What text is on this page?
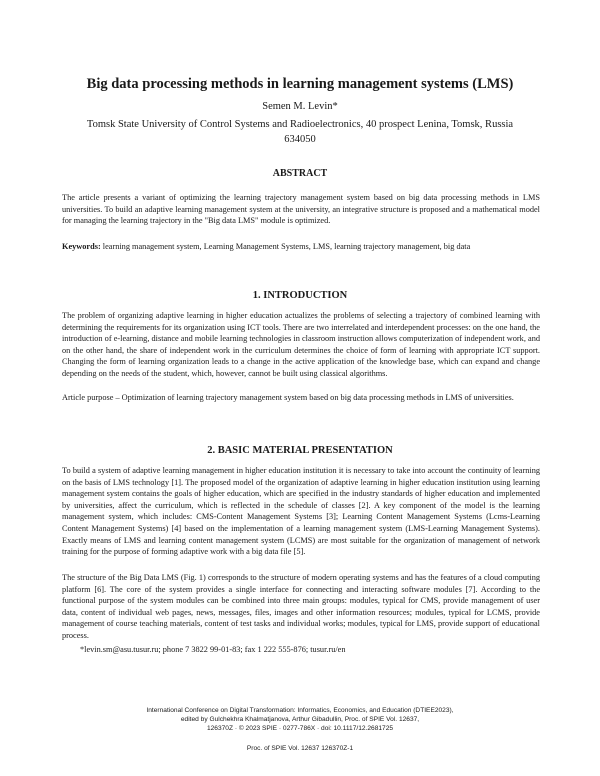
Big data processing methods in learning management systems (LMS)
Semen M. Levin*
Tomsk State University of Control Systems and Radioelectronics, 40 prospect Lenina, Tomsk, Russia 634050
ABSTRACT

The article presents a variant of optimizing the learning trajectory management system based on big data processing methods in LMS universities. To build an adaptive learning management system at the university, an integrative structure is proposed and a mathematical model for managing the learning trajectory in the "Big data LMS" module is optimized.

Keywords: learning management system, Learning Management Systems, LMS, learning trajectory management, big data

1. INTRODUCTION

The problem of organizing adaptive learning in higher education actualizes the problems of selecting a trajectory of combined learning with determining the requirements for its organization using ICT tools. There are two interrelated and interdependent processes: on the one hand, the introduction of e-learning, distance and mobile learning technologies in classroom instruction allows computerization of independent work, and on the other hand, the share of independent work in the curriculum determines the choice of form of learning with appropriate ICT support. Changing the form of learning organization leads to a change in the active application of the knowledge base, which can expand and change depending on the needs of the student, which, however, cannot be built using classical algorithms.

Article purpose – Optimization of learning trajectory management system based on big data processing methods in LMS of universities.

2. BASIC MATERIAL PRESENTATION

To build a system of adaptive learning management in higher education institution it is necessary to take into account the continuity of learning on the basis of LMS technology [1]. The proposed model of the organization of adaptive learning in higher education institution using learning management system contains the goals of higher education, which are specified in the industry standards of higher education and implemented by universities, affect the curriculum, which is reflected in the schedule of classes [2]. A key component of the model is the learning management system, which includes: CMS-Content Management Systems [3]; Learning Content Management Systems (Lcms-Learning Content Management Systems) [4] based on the implementation of a learning management system (LMS-Learning Management Systems). Exactly means of LMS and learning content management system (LCMS) are most suitable for the organization of management of network training for the purpose of forming adaptive work with a big data file [5].

The structure of the Big Data LMS (Fig. 1) corresponds to the structure of modern operating systems and has the features of a cloud computing platform [6]. The core of the system provides a single interface for connecting and interacting software modules [7]. According to the functional purpose of the system modules can be combined into three main groups: modules, typical for CMS, provide management of user data, content of individual web pages, news, messages, files, images and other information resources; modules, typical for LCMS, provide management of course teaching materials, content of test tasks and individual works; modules, typical for LMS, provide support of educational process.

*levin.sm@asu.tusur.ru; phone 7 3822 99-01-83; fax 1 222 555-876; tusur.ru/en
International Conference on Digital Transformation: Informatics, Economics, and Education (DTIEE2023),
edited by Gulchekhra Khalmatjanova, Arthur Gibadullin, Proc. of SPIE Vol. 12637,
126370Z · © 2023 SPIE · 0277-786X · doi: 10.1117/12.2681725
Proc. of SPIE Vol. 12637 126370Z-1
